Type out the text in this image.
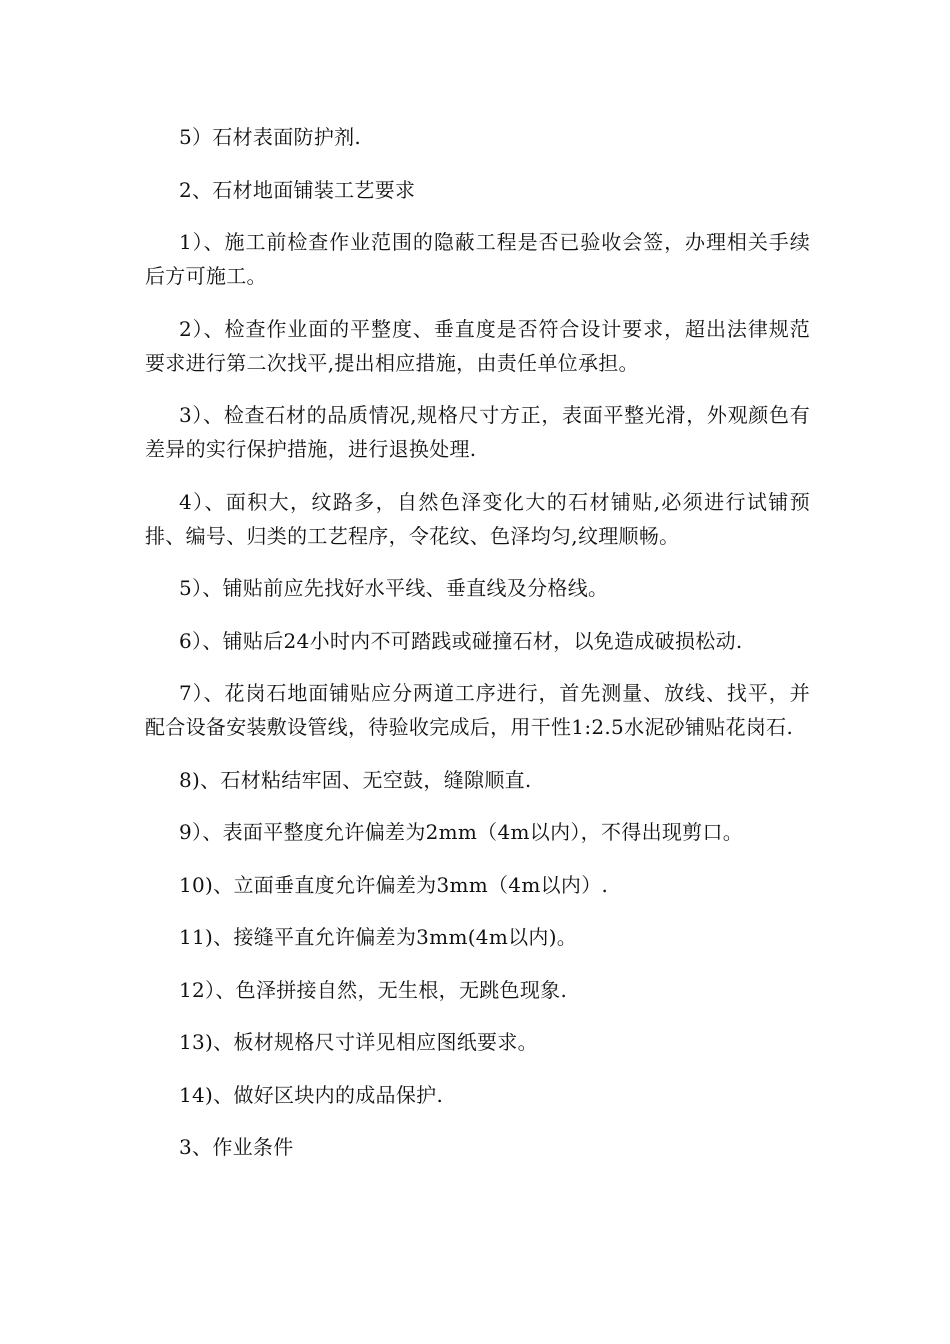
5）石材表面防护剂.

2、石材地面铺装工艺要求

1）、施工前检查作业范围的隐蔽工程是否已验收会签，办理相关手续后方可施工。

2）、检查作业面的平整度、垂直度是否符合设计要求，超出法律规范要求进行第二次找平,提出相应措施，由责任单位承担。

3）、检查石材的品质情况,规格尺寸方正，表面平整光滑，外观颜色有差异的实行保护措施，进行退换处理.

4）、面积大，纹路多，自然色泽变化大的石材铺贴,必须进行试铺预排、编号、归类的工艺程序，令花纹、色泽均匀,纹理顺畅。

5）、铺贴前应先找好水平线、垂直线及分格线。

6）、铺贴后24小时内不可踏践或碰撞石材，以免造成破损松动.

7）、花岗石地面铺贴应分两道工序进行，首先测量、放线、找平，并配合设备安装敷设管线，待验收完成后，用干性1:2.5水泥砂铺贴花岗石.

8)、石材粘结牢固、无空鼓，缝隙顺直.

9）、表面平整度允许偏差为2mm（4m以内），不得出现剪口。

10)、立面垂直度允许偏差为3mm（4m以内）.

11)、接缝平直允许偏差为3mm(4m以内)。

12）、色泽拼接自然，无生根，无跳色现象.

13)、板材规格尺寸详见相应图纸要求。

14)、做好区块内的成品保护.

3、作业条件
